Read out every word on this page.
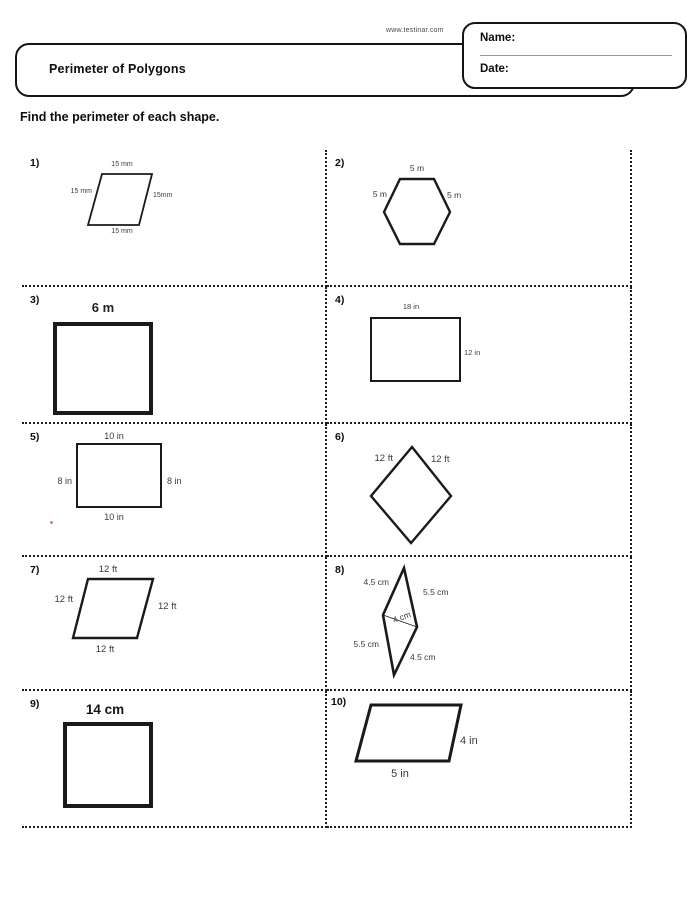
www.testinar.com
Perimeter of Polygons
Name:
Date:
Find the perimeter of each shape.
1)	15 mm
15 mm
15mm
15 mm
2)	5 m
5 m	5 m
3)	6 m	4)
18 in
12 in
5)	10 in
8 in	8 in
10 in
6)
12 ft	12 ft
7)	12 ft
12 ft
12 ft
12 ft
8)
4.5 cm
5.5 cm
4 cm
5.5 cm
4.5 cm
9)	14 cm	10)
4 in
5 in
